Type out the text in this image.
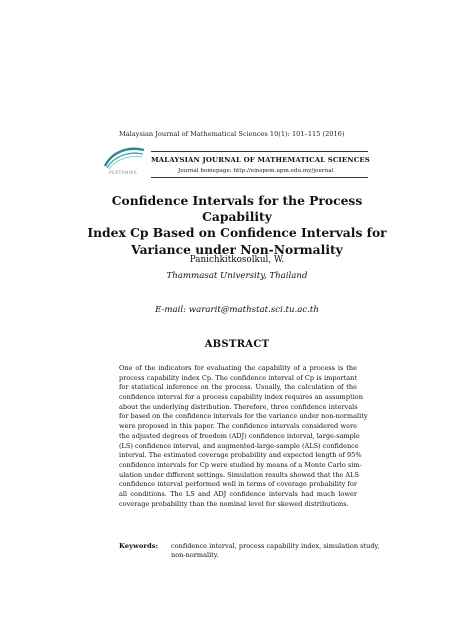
Malaysian Journal of Mathematical Sciences 10(1): 101–115 (2016)
PERTANIKA
MALAYSIAN JOURNAL OF MATHEMATICAL SCIENCES
Journal homepage: http://einspem.upm.edu.my/journal
Confidence Intervals for the Process Capability
Index Cp Based on Confidence Intervals for
Variance under Non-Normality
Panichkitkosolkul, W.
Thammasat University, Thailand
E-mail: wararit@mathstat.sci.tu.ac.th
ABSTRACT
One of the indicators for evaluating the capability of a process is the
process capability index Cp. The confidence interval of Cp is important
for statistical inference on the process. Usually, the calculation of the
confidence interval for a process capability index requires an assumption
about the underlying distribution. Therefore, three confidence intervals
for based on the confidence intervals for the variance under non-normality
were proposed in this paper. The confidence intervals considered were
the adjusted degrees of freedom (ADJ) confidence interval, large-sample
(LS) confidence interval, and augmented-large-sample (ALS) confidence
interval. The estimated coverage probability and expected length of 95%
confidence intervals for Cp were studied by means of a Monte Carlo sim-
ulation under different settings. Simulation results showed that the ALS
confidence interval performed well in terms of coverage probability for
all conditions. The LS and ADJ confidence intervals had much lower
coverage probability than the nominal level for skewed distributions.
Keywords: confidence interval, process capability index, simulation study,
non-normality.
